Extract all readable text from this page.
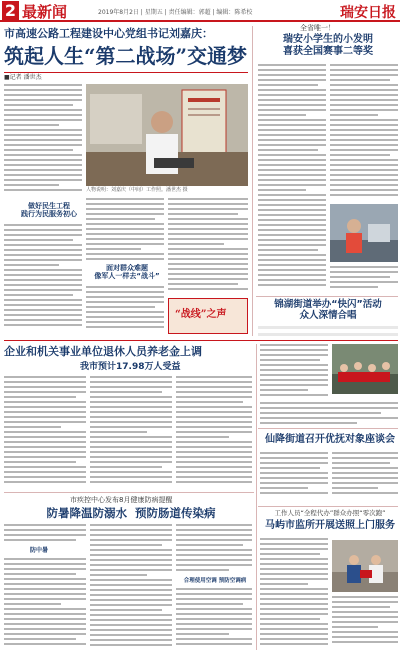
2 最新闻	2019年8月2日 | 星期五 | 责任编辑：郭超 | 编辑：陈希校	瑞安日报
市高速公路工程建设中心党组书记刘嘉庆：
筑起人生“第二战场”交通梦
■记者 潘世杰
人物说明：刘嘉庆（中间）工作照。潘世杰 摄
做好民生工程
践行为民服务初心
面对群众难题
像军人一样去“战斗”
“战线”之声
全省唯一！
瑞安小学生的小发明
喜获全国赛事二等奖
锦湖街道举办“快闪”活动
众人深情合唱
企业和机关事业单位退休人员养老金上调
我市预计17.98万人受益
仙降街道召开优抚对象座谈会
市疾控中心发布8月健康防病提醒
防暑降温防溺水  预防肠道传染病
防中暑
合理使用空调 预防空调病
工作人员“全程代办”群众办照“零次跑”
马屿市监所开展送照上门服务
